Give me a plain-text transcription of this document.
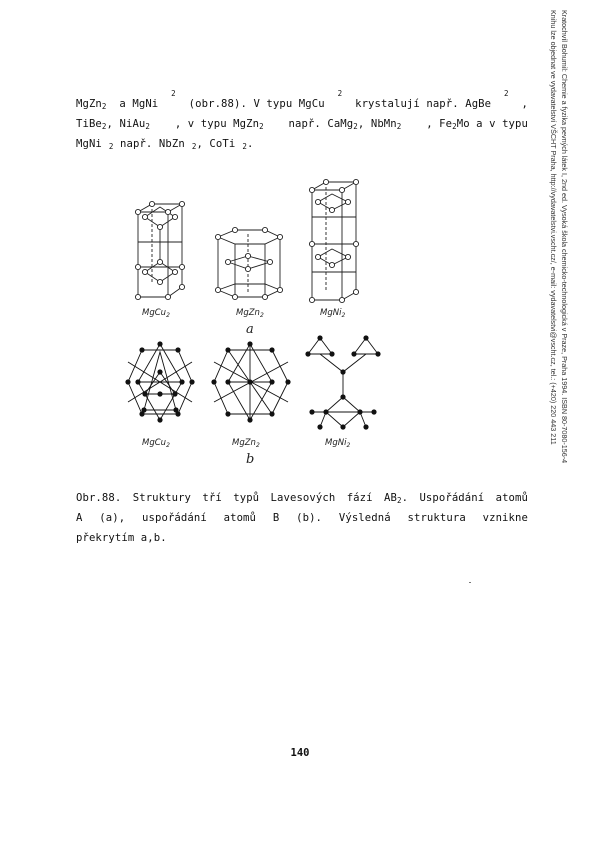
MgZn$_2$ a MgNi
2
(obr.88). V typu MgCu
2
krystalují např. AgBe
2
,
TiBe$_2$, NiAu$_2$ , v typu MgZn$_2$ např. CaMg$_2$, NbMn$_2$ , $Fe_2Mo$ a v typu
MgNi $_2$ např. NbZn $_2$, CoTi $_2$.
MgCu$_2$	MgZn$_2$	MgNi$_2$
a
MgCu$_2$	MgZn$_2$	MgNi$_2$
b
Obr.88. Struktury tří typů Lavesových fází $AB_2$. Uspořádání atomů
A (a), uspořádání atomů B (b). Výsledná struktura vznikne
překrytím a,b.
140
Kratochvíl Bohumil: Chemie a fyzika pevných látek I, 2nd ed. Vysoká škola chemicko-technologická v Praze, Praha 1994. ISBN 80-7080-156-4
Knihu lze objednat ve vydavatelství VŠCHT Praha, http://vydavatelstvi.vscht.cz/, e-mail: vydavatelstvi@vscht.cz, tel.: (+420) 220 443 211
